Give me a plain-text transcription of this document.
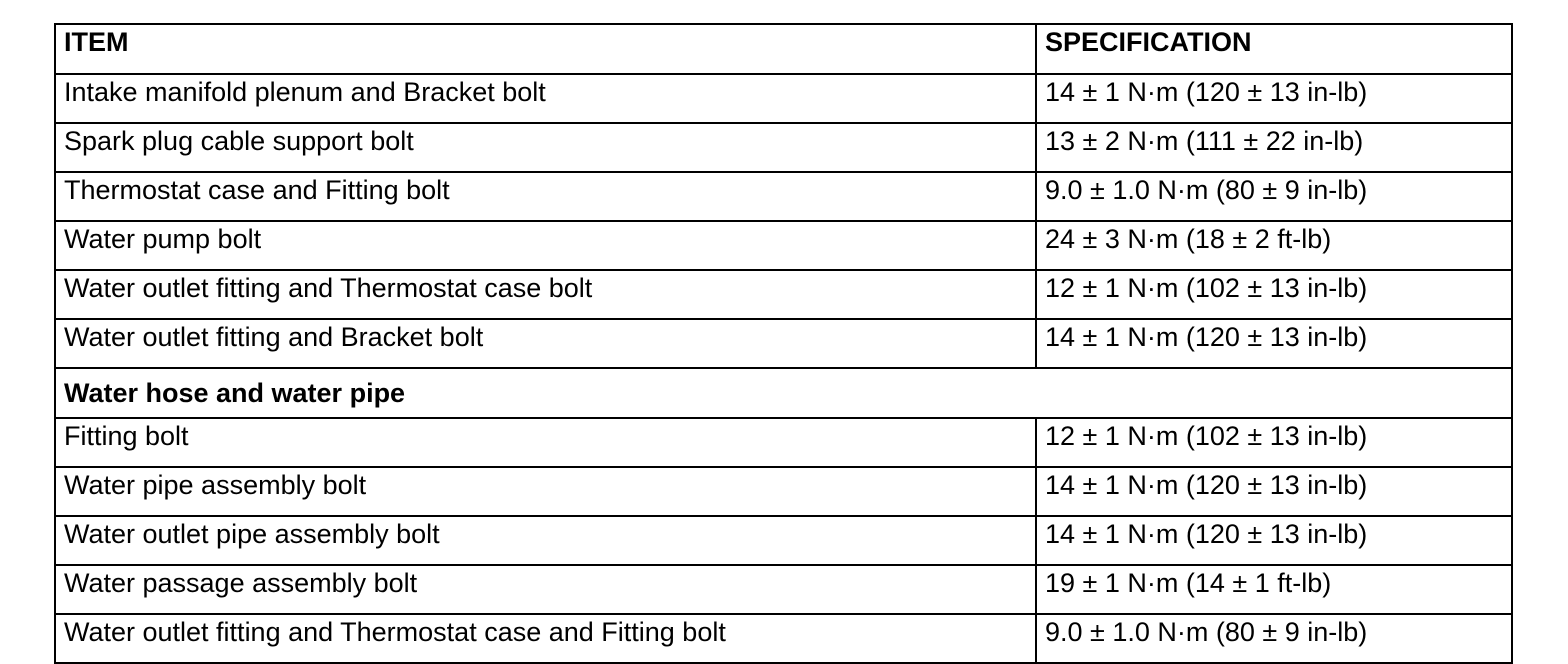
ITEM	SPECIFICATION
Intake manifold plenum and Bracket bolt	14 ± 1 N·m (120 ± 13 in-lb)
Spark plug cable support bolt	13 ± 2 N·m (111 ± 22 in-lb)
Thermostat case and Fitting bolt	9.0 ± 1.0 N·m (80 ± 9 in-lb)
Water pump bolt	24 ± 3 N·m (18 ± 2 ft-lb)
Water outlet fitting and Thermostat case bolt	12 ± 1 N·m (102 ± 13 in-lb)
Water outlet fitting and Bracket bolt	14 ± 1 N·m (120 ± 13 in-lb)
Water hose and water pipe	
Fitting bolt	12 ± 1 N·m (102 ± 13 in-lb)
Water pipe assembly bolt	14 ± 1 N·m (120 ± 13 in-lb)
Water outlet pipe assembly bolt	14 ± 1 N·m (120 ± 13 in-lb)
Water passage assembly bolt	19 ± 1 N·m (14 ± 1 ft-lb)
Water outlet fitting and Thermostat case and Fitting bolt	9.0 ± 1.0 N·m (80 ± 9 in-lb)
